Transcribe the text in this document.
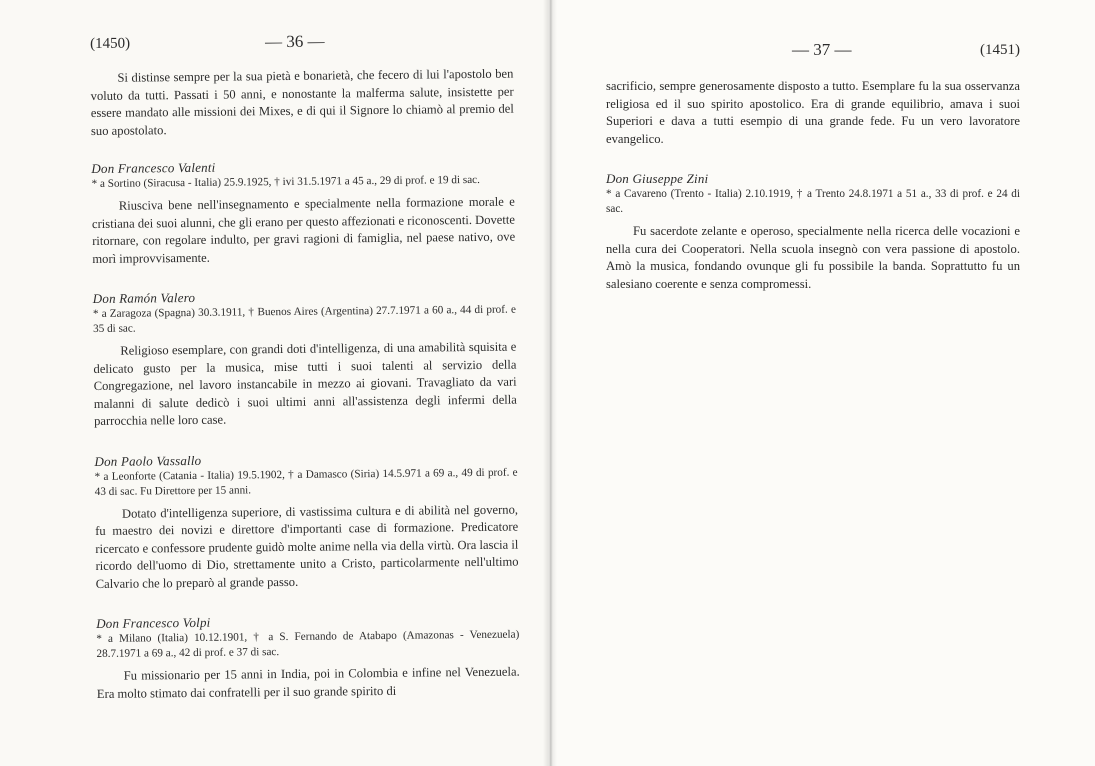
(1450)	— 36 —

Si distinse sempre per la sua pietà e bonarietà, che fecero di lui l'apostolo ben voluto da tutti. Passati i 50 anni, e nonostante la malferma salute, insistette per essere mandato alle missioni dei Mixes, e di qui il Signore lo chiamò al premio del suo apostolato.

Don Francesco Valenti
* a Sortino (Siracusa - Italia) 25.9.1925, † ivi 31.5.1971 a 45 a., 29 di prof. e 19 di sac.

Riusciva bene nell'insegnamento e specialmente nella formazione morale e cristiana dei suoi alunni, che gli erano per questo affezionati e riconoscenti. Dovette ritornare, con regolare indulto, per gravi ragioni di famiglia, nel paese nativo, ove morì improvvisamente.

Don Ramón Valero
* a Zaragoza (Spagna) 30.3.1911, † Buenos Aires (Argentina) 27.7.1971 a 60 a., 44 di prof. e 35 di sac.

Religioso esemplare, con grandi doti d'intelligenza, di una amabilità squisita e delicato gusto per la musica, mise tutti i suoi talenti al servizio della Congregazione, nel lavoro instancabile in mezzo ai giovani. Travagliato da vari malanni di salute dedicò i suoi ultimi anni all'assistenza degli infermi della parrocchia nelle loro case.

Don Paolo Vassallo
* a Leonforte (Catania - Italia) 19.5.1902, † a Damasco (Siria) 14.5.971 a 69 a., 49 di prof. e 43 di sac. Fu Direttore per 15 anni.

Dotato d'intelligenza superiore, di vastissima cultura e di abilità nel governo, fu maestro dei novizi e direttore d'importanti case di formazione. Predicatore ricercato e confessore prudente guidò molte anime nella via della virtù. Ora lascia il ricordo dell'uomo di Dio, strettamente unito a Cristo, particolarmente nell'ultimo Calvario che lo preparò al grande passo.

Don Francesco Volpi
* a Milano (Italia) 10.12.1901, † a S. Fernando de Atabapo (Amazonas - Venezuela) 28.7.1971 a 69 a., 42 di prof. e 37 di sac.

Fu missionario per 15 anni in India, poi in Colombia e infine nel Venezuela. Era molto stimato dai confratelli per il suo grande spirito di

— 37 —	(1451)

sacrificio, sempre generosamente disposto a tutto. Esemplare fu la sua osservanza religiosa ed il suo spirito apostolico. Era di grande equilibrio, amava i suoi Superiori e dava a tutti esempio di una grande fede. Fu un vero lavoratore evangelico.

Don Giuseppe Zini
* a Cavareno (Trento - Italia) 2.10.1919, † a Trento 24.8.1971 a 51 a., 33 di prof. e 24 di sac.

Fu sacerdote zelante e operoso, specialmente nella ricerca delle vocazioni e nella cura dei Cooperatori. Nella scuola insegnò con vera passione di apostolo. Amò la musica, fondando ovunque gli fu possibile la banda. Soprattutto fu un salesiano coerente e senza compromessi.
